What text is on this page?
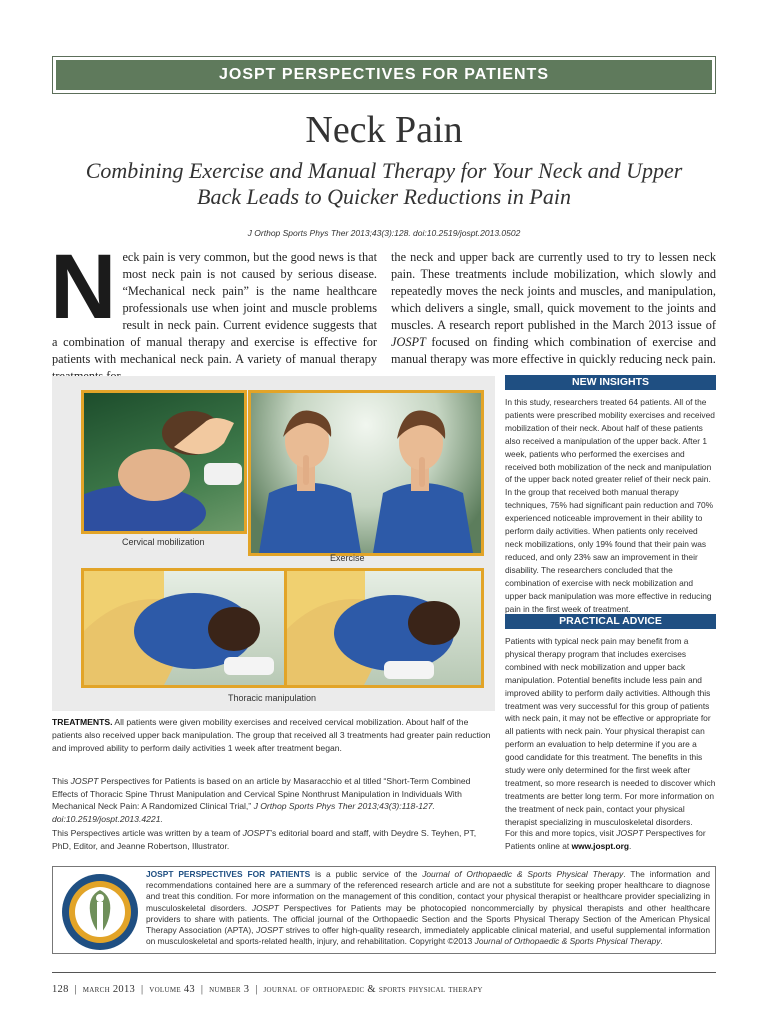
JOSPT PERSPECTIVES FOR PATIENTS
Neck Pain
Combining Exercise and Manual Therapy for Your Neck and Upper Back Leads to Quicker Reductions in Pain
J Orthop Sports Phys Ther 2013;43(3):128. doi:10.2519/jospt.2013.0502

Neck pain is very common, but the good news is that most neck pain is not caused by serious disease. “Mechanical neck pain” is the name healthcare professionals use when joint and muscle problems result in neck pain. Current evidence suggests that a combination of manual therapy and exercise is effective for patients with mechanical neck pain. A variety of manual therapy

the neck and upper back are currently used to try to lessen neck pain. These treatments include mobilization, which slowly and repeatedly moves the neck joints and muscles, and manipulation, which delivers a single, small, quick movement to the joints and muscles. A research report published in the March 2013 issue of JOSPT focused on finding which combination of exercise and manual therapy was more effective in quickly reducing neck pain.

Cervical mobilization
Exercise
Thoracic manipulation
TREATMENTS. All patients were given mobility exercises and received cervical mobilization. About half of the patients also received upper back manipulation. The group that received all 3 treatments had greater pain reduction and improved ability to perform daily activities 1 week after treatment began.
This JOSPT Perspectives for Patients is based on an article by Masaracchio et al titled “Short-Term Combined Effects of Thoracic Spine Thrust Manipulation and Cervical Spine Nonthrust Manipulation in Individuals With Mechanical Neck Pain: A Randomized Clinical Trial,” J Orthop Sports Phys Ther 2013;43(3):118-127. doi:10.2519/jospt.2013.4221.
This Perspectives article was written by a team of JOSPT’s editorial board and staff, with Deydre S. Teyhen, PT, PhD, Editor, and Jeanne Robertson, Illustrator.
NEW INSIGHTS
In this study, researchers treated 64 patients. All of the patients were prescribed mobility exercises and received mobilization of their neck. About half of these patients also received a manipulation of the upper back. After 1 week, patients who performed the exercises and received both mobilization of the neck and manipulation of the upper back noted greater relief of their neck pain. In the group that received both manual therapy techniques, 75% had significant pain reduction and 70% experienced noticeable improvement in their ability to perform daily activities. When patients only received neck mobilizations, only 19% found that their pain was reduced, and only 23% saw an improvement in their disability. The researchers concluded that the combination of exercise with neck mobilization and upper back manipulation was more effective in reducing pain in the first week of treatment.
PRACTICAL ADVICE
Patients with typical neck pain may benefit from a physical therapy program that includes exercises combined with neck mobilization and upper back manipulation. Potential benefits include less pain and improved ability to perform daily activities. Although this treatment was very successful for this group of patients with neck pain, it may not be effective or appropriate for all patients with neck pain. Your physical therapist can perform an evaluation to help determine if you are a good candidate for this treatment. The benefits in this study were only determined for the first week after treatment, so more research is needed to discover which treatments are better long term. For more information on the treatment of neck pain, contact your physical therapist specializing in musculoskeletal disorders.
For this and more topics, visit JOSPT Perspectives for Patients online at www.jospt.org.
JOSPT PERSPECTIVES FOR PATIENTS is a public service of the Journal of Orthopaedic & Sports Physical Therapy. The information and recommendations contained here are a summary of the referenced research article and are not a substitute for seeking proper healthcare to diagnose and treat this condition. For more information on the management of this condition, contact your physical therapist or healthcare provider specializing in musculoskeletal disorders. JOSPT Perspectives for Patients may be photocopied noncommercially by physical therapists and other healthcare providers to share with patients. The official journal of the Orthopaedic Section and the Sports Physical Therapy Section of the American Physical Therapy Association (APTA), JOSPT strives to offer high-quality research, immediately applicable clinical material, and useful supplemental information on musculoskeletal and sports-related health, injury, and rehabilitation. Copyright ©2013 Journal of Orthopaedic & Sports Physical Therapy.
128 | march 2013 | volume 43 | number 3 | journal of orthopaedic & sports physical therapy
